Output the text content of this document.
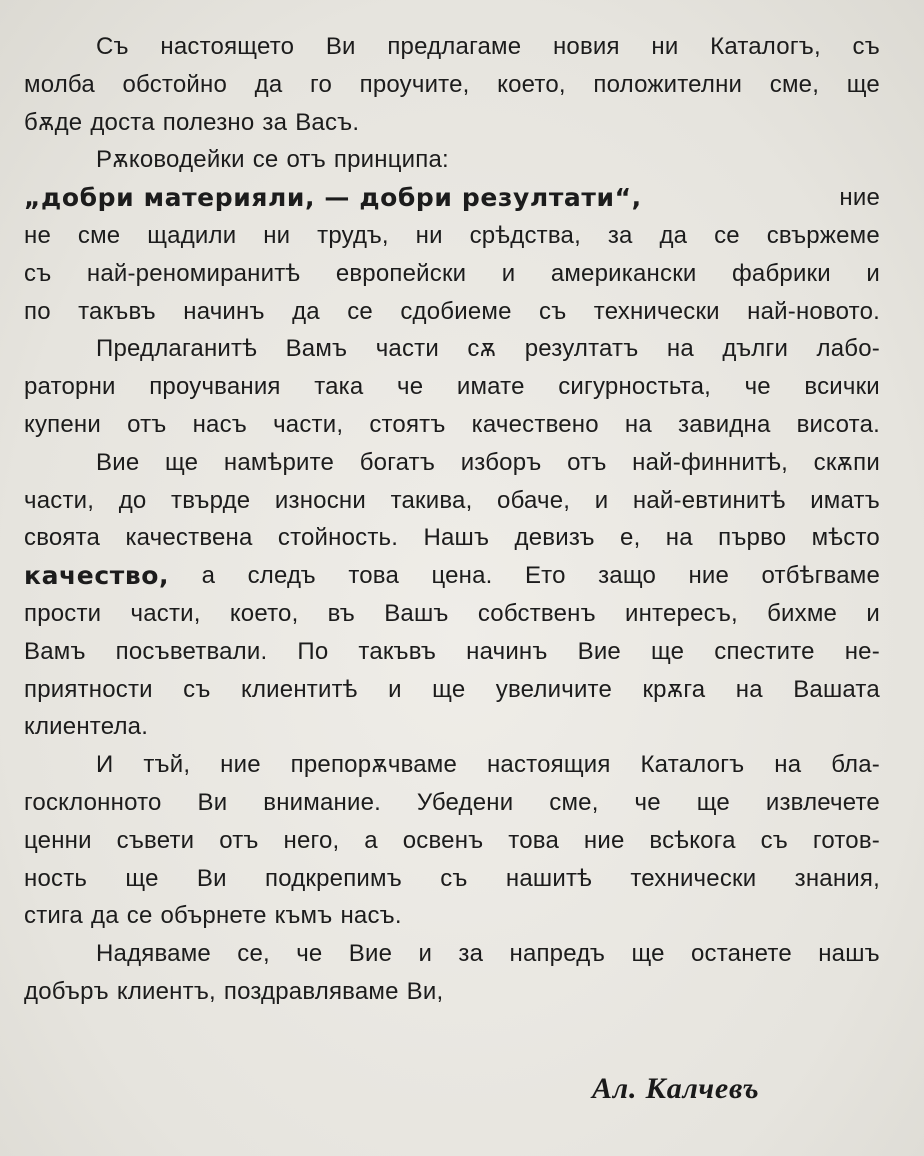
Съ настоящето Ви предлагаме новия ни Каталогъ, съ
молба обстойно да го проучите, което, положителни сме, ще
бѫде доста полезно за Васъ.
Рѫководейки се отъ принципа:
„добри материяли, — добри резултати“,	ние
не сме щадили ни трудъ, ни срѣдства, за да се свържеме
съ най-реномиранитѣ европейски и американски фабрики и
по такъвъ начинъ да се сдобиеме съ технически най-новото.
Предлаганитѣ Вамъ части сѫ резултатъ на дълги лабо-
раторни проучвания така че имате сигурностьта, че всички
купени отъ насъ части, стоятъ качествено на завидна висота.
Вие ще намѣрите богатъ изборъ отъ най-финнитѣ, скѫпи
части, до твърде износни такива, обаче, и най-евтинитѣ иматъ
своята качествена стойность. Нашъ девизъ е, на първо мѣсто
качество, а следъ това цена. Ето защо ние отбѣгваме
прости части, което, въ Вашъ собственъ интересъ, бихме и
Вамъ посъветвали. По такъвъ начинъ Вие ще спестите не-
приятности съ клиентитѣ и ще увеличите крѫга на Вашата
клиентела.
И тъй, ние препорѫчваме настоящия Каталогъ на бла-
госклонното Ви внимание. Убедени сме, че ще извлечете
ценни съвети отъ него, а освенъ това ние всѣкога съ готов-
ность ще Ви подкрепимъ съ нашитѣ технически знания,
стига да се обърнете къмъ насъ.
Надяваме се, че Вие и за напредъ ще останете нашъ
добъръ клиентъ, поздравляваме Ви,
Ал. Калчевъ
